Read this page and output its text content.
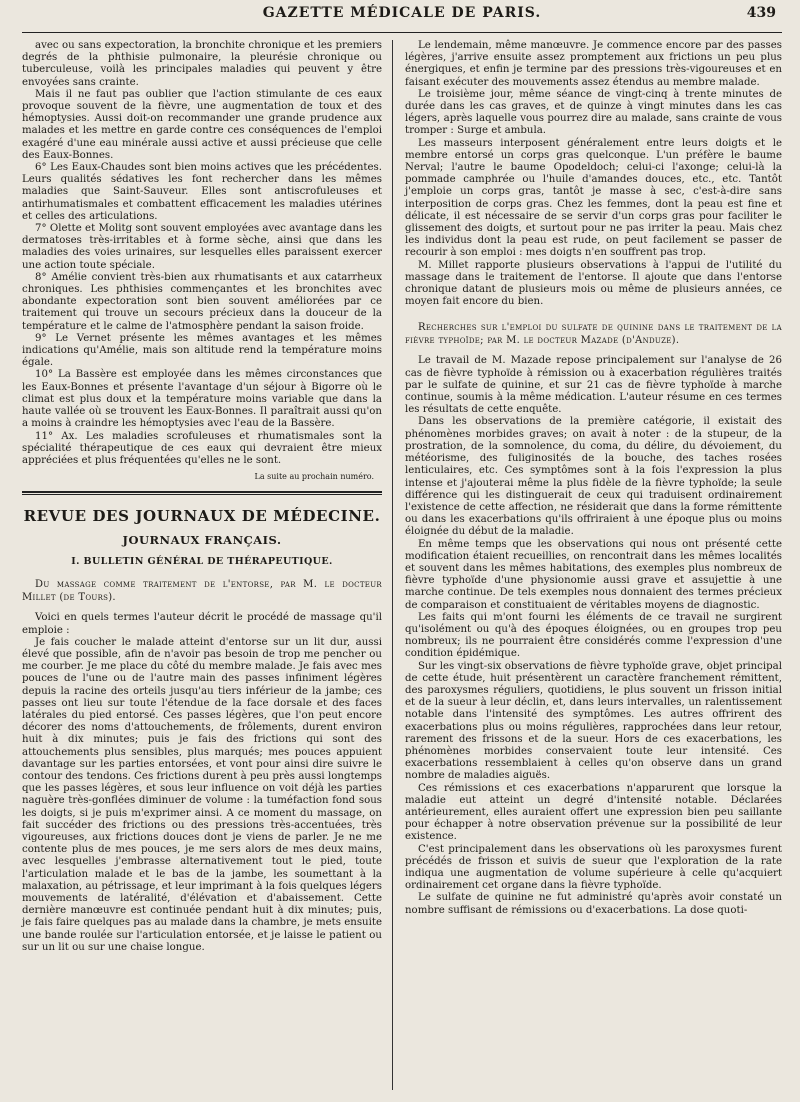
GAZETTE MÉDICALE DE PARIS.	439

avec ou sans expectoration, la bronchite chronique et les premiers degrés de la phthisie pulmonaire, la pleurésie chronique ou tuberculeuse, voilà les principales maladies qui peuvent y être envoyées sans crainte.

Mais il ne faut pas oublier que l'action stimulante de ces eaux provoque souvent de la fièvre, une augmentation de toux et des hémoptysies. Aussi doit-on recommander une grande prudence aux malades et les mettre en garde contre ces conséquences de l'emploi exagéré d'une eau minérale aussi active et aussi précieuse que celle des Eaux-Bonnes.

6° Les Eaux-Chaudes sont bien moins actives que les précédentes. Leurs qualités sédatives les font rechercher dans les mêmes maladies que Saint-Sauveur. Elles sont antiscrofuleuses et antirhumatismales et combattent efficacement les maladies utérines et celles des articulations.

7° Olette et Molitg sont souvent employées avec avantage dans les dermatoses très-irritables et à forme sèche, ainsi que dans les maladies des voies urinaires, sur lesquelles elles paraissent exercer une action toute spéciale.

8° Amélie convient très-bien aux rhumatisants et aux catarrheux chroniques. Les phthisies commençantes et les bronchites avec abondante expectoration sont bien souvent améliorées par ce traitement qui trouve un secours précieux dans la douceur de la température et le calme de l'atmosphère pendant la saison froide.

9° Le Vernet présente les mêmes avantages et les mêmes indications qu'Amélie, mais son altitude rend la température moins égale.

10° La Bassère est employée dans les mêmes circonstances que les Eaux-Bonnes et présente l'avantage d'un séjour à Bigorre où le climat est plus doux et la température moins variable que dans la haute vallée où se trouvent les Eaux-Bonnes. Il paraîtrait aussi qu'on a moins à craindre les hémoptysies avec l'eau de la Bassère.

11° Ax. Les maladies scrofuleuses et rhumatismales sont la spécialité thérapeutique de ces eaux qui devraient être mieux appréciées et plus fréquentées qu'elles ne le sont.

La suite au prochain numéro.

REVUE DES JOURNAUX DE MÉDECINE.
JOURNAUX FRANÇAIS.
I. BULLETIN GÉNÉRAL DE THÉRAPEUTIQUE.
Du massage comme traitement de l'entorse, par M. le docteur Millet (de Tours).

Voici en quels termes l'auteur décrit le procédé de massage qu'il emploie :

Je fais coucher le malade atteint d'entorse sur un lit dur, aussi élevé que possible, afin de n'avoir pas besoin de trop me pencher ou me courber. Je me place du côté du membre malade. Je fais avec mes pouces de l'une ou de l'autre main des passes infiniment légères depuis la racine des orteils jusqu'au tiers inférieur de la jambe; ces passes ont lieu sur toute l'étendue de la face dorsale et des faces latérales du pied entorsé. Ces passes légères, que l'on peut encore décorer des noms d'attouchements, de frôlements, durent environ huit à dix minutes; puis je fais des frictions qui sont des attouchements plus sensibles, plus marqués; mes pouces appuient davantage sur les parties entorsées, et vont pour ainsi dire suivre le contour des tendons. Ces frictions durent à peu près aussi longtemps que les passes légères, et sous leur influence on voit déjà les parties naguère très-gonflées diminuer de volume : la tuméfaction fond sous les doigts, si je puis m'exprimer ainsi. A ce moment du massage, on fait succéder des frictions ou des pressions très-accentuées, très vigoureuses, aux frictions douces dont je viens de parler. Je ne me contente plus de mes pouces, je me sers alors de mes deux mains, avec lesquelles j'embrasse alternativement tout le pied, toute l'articulation malade et le bas de la jambe, les soumettant à la malaxation, au pétrissage, et leur imprimant à la fois quelques légers mouvements de latéralité, d'élévation et d'abaissement. Cette dernière manœuvre est continuée pendant huit à dix minutes; puis, je fais faire quelques pas au malade dans la chambre, je mets ensuite une bande roulée sur l'articulation entorsée, et je laisse le patient ou sur un lit ou sur une chaise longue.

Le lendemain, même manœuvre. Je commence encore par des passes légères, j'arrive ensuite assez promptement aux frictions un peu plus énergiques, et enfin je termine par des pressions très-vigoureuses et en faisant exécuter des mouvements assez étendus au membre malade.

Le troisième jour, même séance de vingt-cinq à trente minutes de durée dans les cas graves, et de quinze à vingt minutes dans les cas légers, après laquelle vous pourrez dire au malade, sans crainte de vous tromper : Surge et ambula.

Les masseurs interposent généralement entre leurs doigts et le membre entorsé un corps gras quelconque. L'un préfère le baume Nerval; l'autre le baume Opodeldoch; celui-ci l'axonge; celui-là la pommade camphrée ou l'huile d'amandes douces, etc., etc. Tantôt j'emploie un corps gras, tantôt je masse à sec, c'est-à-dire sans interposition de corps gras. Chez les femmes, dont la peau est fine et délicate, il est nécessaire de se servir d'un corps gras pour faciliter le glissement des doigts, et surtout pour ne pas irriter la peau. Mais chez les individus dont la peau est rude, on peut facilement se passer de recourir à son emploi : mes doigts n'en souffrent pas trop.

M. Millet rapporte plusieurs observations à l'appui de l'utilité du massage dans le traitement de l'entorse. Il ajoute que dans l'entorse chronique datant de plusieurs mois ou même de plusieurs années, ce moyen fait encore du bien.

Recherches sur l'emploi du sulfate de quinine dans le traitement de la fièvre typhoïde; par M. le docteur Mazade (d'Anduze).

Le travail de M. Mazade repose principalement sur l'analyse de 26 cas de fièvre typhoïde à rémission ou à exacerbation régulières traités par le sulfate de quinine, et sur 21 cas de fièvre typhoïde à marche continue, soumis à la même médication. L'auteur résume en ces termes les résultats de cette enquête.

Dans les observations de la première catégorie, il existait des phénomènes morbides graves; on avait à noter : de la stupeur, de la prostration, de la somnolence, du coma, du délire, du dévoiement, du météorisme, des fuliginosités de la bouche, des taches rosées lenticulaires, etc. Ces symptômes sont à la fois l'expression la plus intense et j'ajouterai même la plus fidèle de la fièvre typhoïde; la seule différence qui les distinguerait de ceux qui traduisent ordinairement l'existence de cette affection, ne résiderait que dans la forme rémittente ou dans les exacerbations qu'ils offriraient à une époque plus ou moins éloignée du début de la maladie.

En même temps que les observations qui nous ont présenté cette modification étaient recueillies, on rencontrait dans les mêmes localités et souvent dans les mêmes habitations, des exemples plus nombreux de fièvre typhoïde d'une physionomie aussi grave et assujettie à une marche continue. De tels exemples nous donnaient des termes précieux de comparaison et constituaient de véritables moyens de diagnostic.

Les faits qui m'ont fourni les éléments de ce travail ne surgirent qu'isolément ou qu'à des époques éloignées, ou en groupes trop peu nombreux; ils ne pourraient être considérés comme l'expression d'une condition épidémique.

Sur les vingt-six observations de fièvre typhoïde grave, objet principal de cette étude, huit présentèrent un caractère franchement rémittent, des paroxysmes réguliers, quotidiens, le plus souvent un frisson initial et de la sueur à leur déclin, et, dans leurs intervalles, un ralentissement notable dans l'intensité des symptômes. Les autres offrirent des exacerbations plus ou moins régulières, rapprochées dans leur retour, rarement des frissons et de la sueur. Hors de ces exacerbations, les phénomènes morbides conservaient toute leur intensité. Ces exacerbations ressemblaient à celles qu'on observe dans un grand nombre de maladies aiguës.

Ces rémissions et ces exacerbations n'apparurent que lorsque la maladie eut atteint un degré d'intensité notable. Déclarées antérieurement, elles auraient offert une expression bien peu saillante pour échapper à notre observation prévenue sur la possibilité de leur existence.

C'est principalement dans les observations où les paroxysmes furent précédés de frisson et suivis de sueur que l'exploration de la rate indiqua une augmentation de volume supérieure à celle qu'acquiert ordinairement cet organe dans la fièvre typhoïde.

Le sulfate de quinine ne fut administré qu'après avoir constaté un nombre suffisant de rémissions ou d'exacerbations. La dose quoti-
